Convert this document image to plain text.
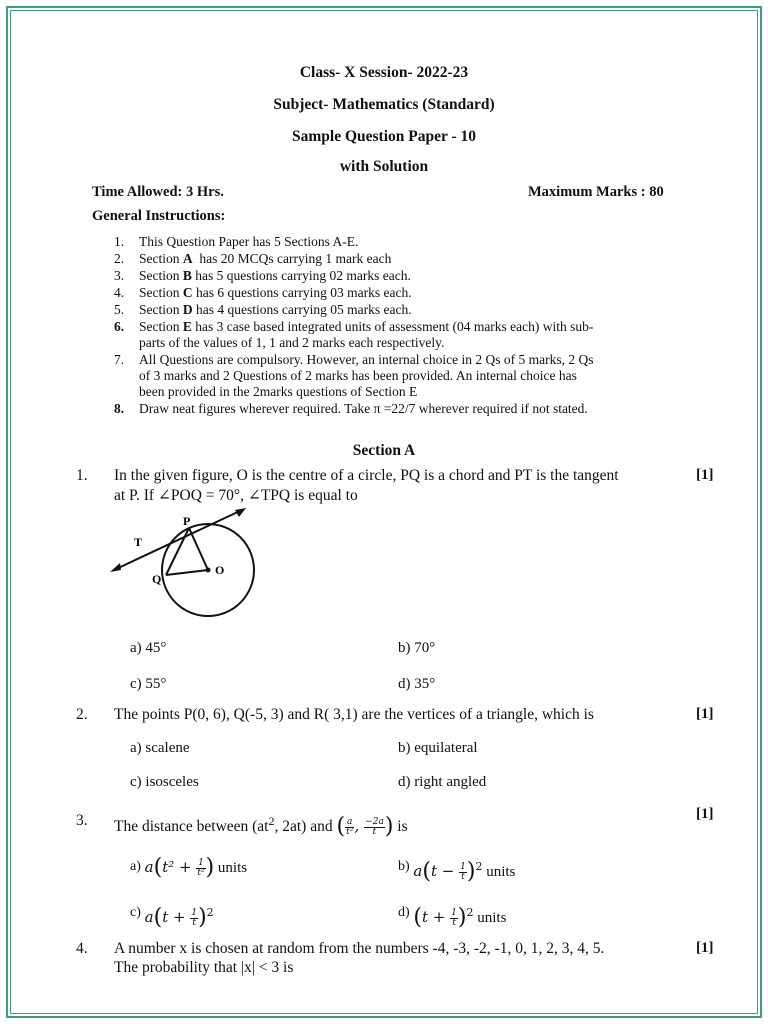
Class- X Session- 2022-23
Subject- Mathematics (Standard)
Sample Question Paper - 10
with Solution
Time Allowed: 3 Hrs.	Maximum Marks : 80
General Instructions:
1. This Question Paper has 5 Sections A-E.
2. Section A  has 20 MCQs carrying 1 mark each
3. Section B has 5 questions carrying 02 marks each.
4. Section C has 6 questions carrying 03 marks each.
5. Section D has 4 questions carrying 05 marks each.
6. Section E has 3 case based integrated units of assessment (04 marks each) with sub-
parts of the values of 1, 1 and 2 marks each respectively.
7. All Questions are compulsory. However, an internal choice in 2 Qs of 5 marks, 2 Qs
of 3 marks and 2 Questions of 2 marks has been provided. An internal choice has
been provided in the 2marks questions of Section E
8. Draw neat figures wherever required. Take π =22/7 wherever required if not stated.
Section A
1. In the given figure, O is the centre of a circle, PQ is a chord and PT is the tangent
at P. If ∠POQ = 70°, ∠TPQ is equal to
[1]
P
Q
O
T
a) 45°	b) 70°
c) 55°	d) 35°
2. The points P(0, 6), Q(-5, 3) and R( 3,1) are the vertices of a triangle, which is	[1]
a) scalene	b) equilateral
c) isosceles	d) right angled
3. The distance between ($at^2$, 2at) and ( $\frac{a}{\text{t²}}$ , $\frac{-2a}{t}$ ) is
[1]
a) $a(t^2 + \frac{1}{\text{t²}}$ ) units	b) $a(t - \frac{1}{t} )^2$ units
c) $a(t + \frac{1}{t} )^2$	d) $(t + \frac{1}{t} )^2$ units
4. A number x is chosen at random from the numbers -4, -3, -2, -1, 0, 1, 2, 3, 4, 5.
The probability that |x| < 3 is
[1]
